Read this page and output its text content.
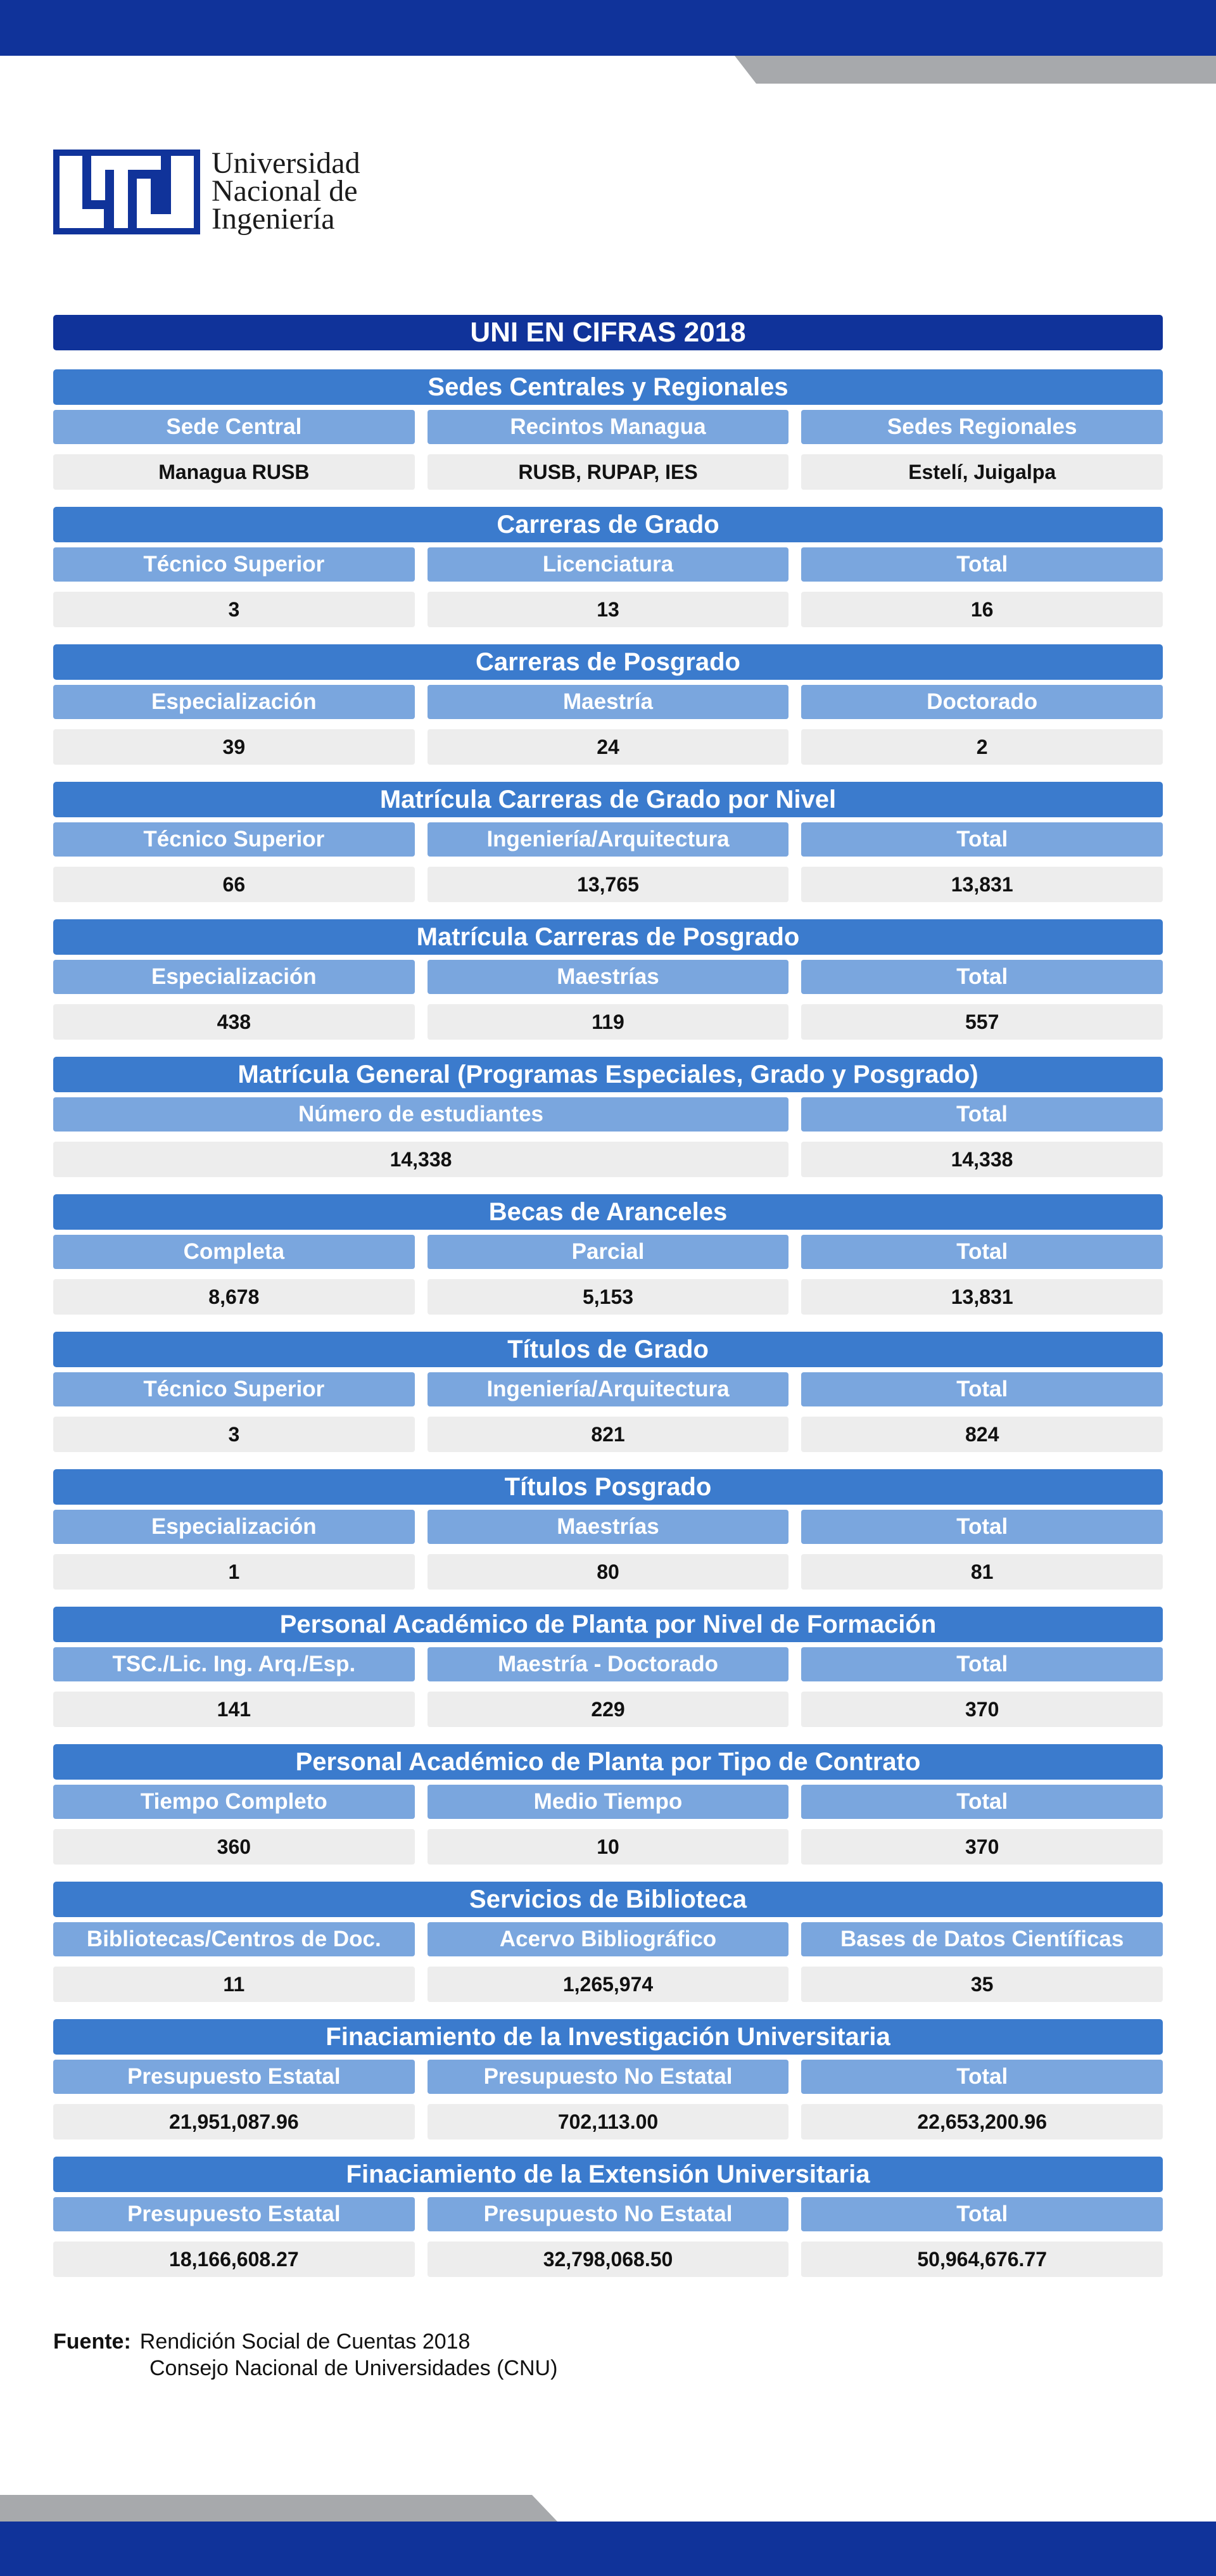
Universidad
Nacional de
Ingeniería
UNI EN CIFRAS 2018
Sedes Centrales y Regionales
Sede Central	Recintos Managua	Sedes Regionales
Managua RUSB	RUSB, RUPAP, IES	Estelí, Juigalpa
Carreras de Grado
Técnico Superior	Licenciatura	Total
3	13	16
Carreras de Posgrado
Especialización	Maestría	Doctorado
39	24	2
Matrícula Carreras de Grado por Nivel
Técnico Superior	Ingeniería/Arquitectura	Total
66	13,765	13,831
Matrícula Carreras de Posgrado
Especialización	Maestrías	Total
438	119	557
Matrícula General (Programas Especiales, Grado y Posgrado)
Número de estudiantes	Total
14,338	14,338
Becas de Aranceles
Completa	Parcial	Total
8,678	5,153	13,831
Títulos de Grado
Técnico Superior	Ingeniería/Arquitectura	Total
3	821	824
Títulos Posgrado
Especialización	Maestrías	Total
1	80	81
Personal Académico de Planta por Nivel de Formación
TSC./Lic. Ing. Arq./Esp.	Maestría - Doctorado	Total
141	229	370
Personal Académico de Planta por Tipo de Contrato
Tiempo Completo	Medio Tiempo	Total
360	10	370
Servicios de Biblioteca
Bibliotecas/Centros de Doc.	Acervo Bibliográfico	Bases de Datos Científicas
11	1,265,974	35
Finaciamiento de la Investigación Universitaria
Presupuesto Estatal	Presupuesto No Estatal	Total
21,951,087.96	702,113.00	22,653,200.96
Finaciamiento de la Extensión Universitaria
Presupuesto Estatal	Presupuesto No Estatal	Total
18,166,608.27	32,798,068.50	50,964,676.77
Fuente: Rendición Social de Cuentas 2018
Consejo Nacional de Universidades (CNU)
